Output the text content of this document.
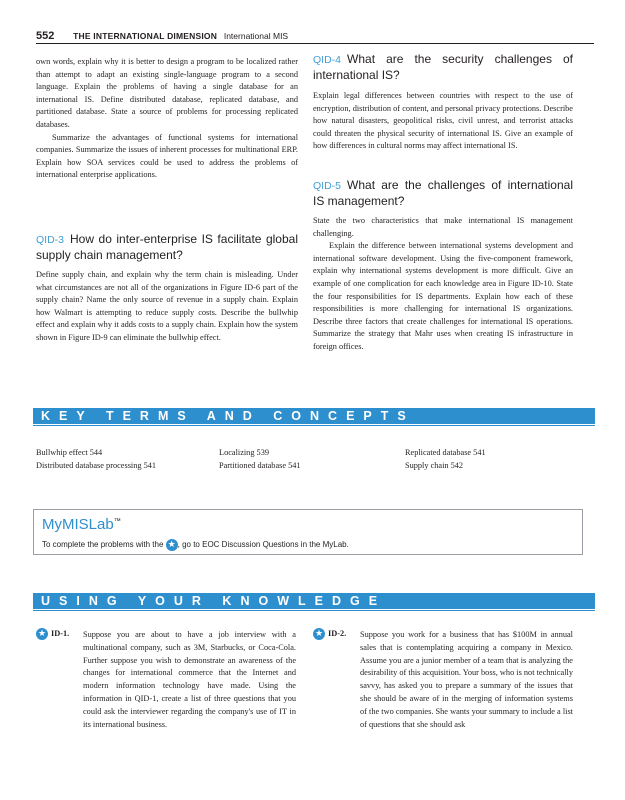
552 THE INTERNATIONAL DIMENSION International MIS

own words, explain why it is better to design a program to be localized rather than attempt to adapt an existing single-language program to a second language. Explain the problems of having a single database for an international IS. Define distributed database, replicated database, and partitioned database. State a source of problems for processing replicated databases.

Summarize the advantages of functional systems for international companies. Summarize the issues of inherent processes for multinational ERP. Explain how SOA services could be used to address the problems of international enterprise applications.

QID-3 How do inter-enterprise IS facilitate global supply chain management?

Define supply chain, and explain why the term chain is misleading. Under what circumstances are not all of the organizations in Figure ID-6 part of the supply chain? Name the only source of revenue in a supply chain. Explain how Walmart is attempting to reduce supply costs. Describe the bullwhip effect and explain why it adds costs to a supply chain. Explain how the system shown in Figure ID-9 can eliminate the bullwhip effect.

QID-4 What are the security challenges of international IS?

Explain legal differences between countries with respect to the use of encryption, distribution of content, and personal privacy protections. Describe how natural disasters, geopolitical risks, civil unrest, and terrorist attacks could threaten the physical security of international IS. Give an example of how differences in cultural norms may affect international IS.

QID-5 What are the challenges of international IS management?

State the two characteristics that make international IS management challenging.

Explain the difference between international systems development and international software development. Using the five-component framework, explain why international systems development is more difficult. Give an example of one complication for each knowledge area in Figure ID-10. State the four responsibilities for IS departments. Explain how each of these responsibilities is more challenging for international IS organizations. Describe three factors that create challenges for international IS operations. Summarize the strategy that Mahr uses when creating IS infrastructure in foreign offices.

KEY TERMS AND CONCEPTS
Bullwhip effect 544
Distributed database processing 541
Localizing 539
Partitioned database 541
Replicated database 541
Supply chain 542
MyMISLab™
To complete the problems with the ★ , go to EOC Discussion Questions in the MyLab.
USING YOUR KNOWLEDGE
★ ID-1. Suppose you are about to have a job interview with a multinational company, such as 3M, Starbucks, or Coca-Cola. Further suppose you wish to demonstrate an awareness of the changes for international commerce that the Internet and modern information technology have made. Using the information in QID-1, create a list of three questions that you could ask the interviewer regarding the company's use of IT in its international business.
★ ID-2. Suppose you work for a business that has $100M in annual sales that is contemplating acquiring a company in Mexico. Assume you are a junior member of a team that is analyzing the desirability of this acquisition. Your boss, who is not technically savvy, has asked you to prepare a summary of the issues that she should be aware of in the merging of information systems of the two companies. She wants your summary to include a list of questions that she should ask
